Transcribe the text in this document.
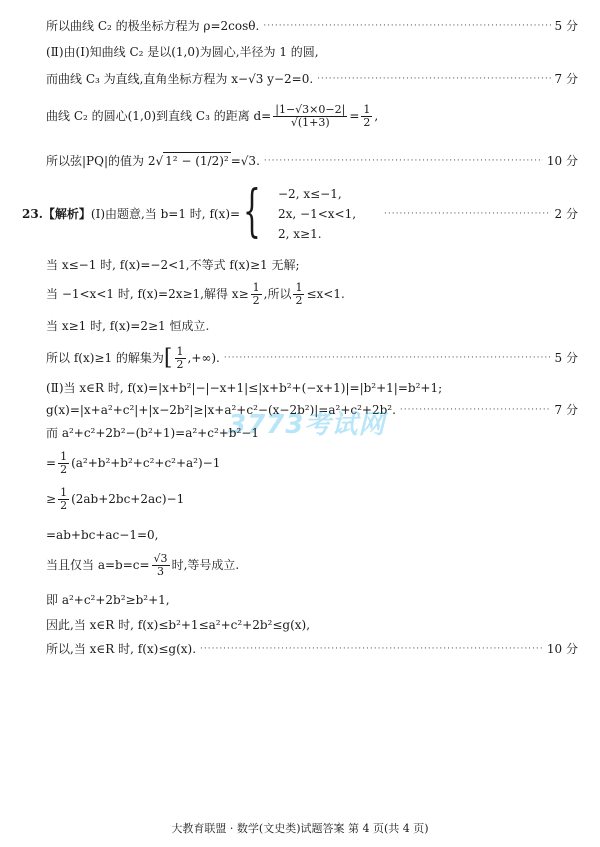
所以曲线 C₂ 的极坐标方程为 ρ=2cosθ. ·····	5 分
(Ⅱ)由(Ⅰ)知曲线 C₂ 是以(1,0)为圆心,半径为 1 的圆,
而曲线 C₃ 为直线,直角坐标方程为 x−√3 y−2=0. ·····	7 分
曲线 C₂ 的圆心(1,0)到直线 C₃ 的距离 $d= \frac{|1-√3\times 0-2|}{√(1+3)} = \frac{1}{2}$ ,
所以弦|PQ|的值为 2√ 1² − (1/2)² =√3. ·····	10 分
23.【解析】(Ⅰ)由题意,当 b=1 时, f(x)= { −2, x≤−1,
2x, −1<x<1,
2, x≥1.
·····
2 分
当 x≤−1 时, f(x)=−2<1,不等式 f(x)≥1 无解;
当 −1<x<1 时, f(x)=2x≥1,解得 $x\ge \frac{1}{2}$ ,所以 $\frac{1}{2} \le x<1$.
当 x≥1 时, f(x)=2≥1 恒成立.
所以 f(x)≥1 的解集为[ $\frac{1}{2}$ ,+∞). ·····	5 分
(Ⅱ)当 x∈R 时, f(x)=|x+b²|−|−x+1|≤|x+b²+(−x+1)|=|b²+1|=b²+1;
g(x)=|x+a²+c²|+|x−2b²|≥|x+a²+c²−(x−2b²)|=a²+c²+2b². ·····	7 分
3773考试网
而 a²+c²+2b²−(b²+1)=a²+c²+b²−1
= $\frac{1}{2} (a^2+b^2+b^2+c^2+c^2+a^2)-1$
≥ $\frac{1}{2} (2ab+2bc+2ac)-1$
=ab+bc+ac−1=0,
当且仅当 $a=b=c= \frac{√3}{3}$ 时,等号成立.
即 a²+c²+2b²≥b²+1,
因此,当 x∈R 时, f(x)≤b²+1≤a²+c²+2b²≤g(x),
所以,当 x∈R 时, f(x)≤g(x). ·····	10 分
大教育联盟 · 数学(文史类)试题答案 第 4 页(共 4 页)
